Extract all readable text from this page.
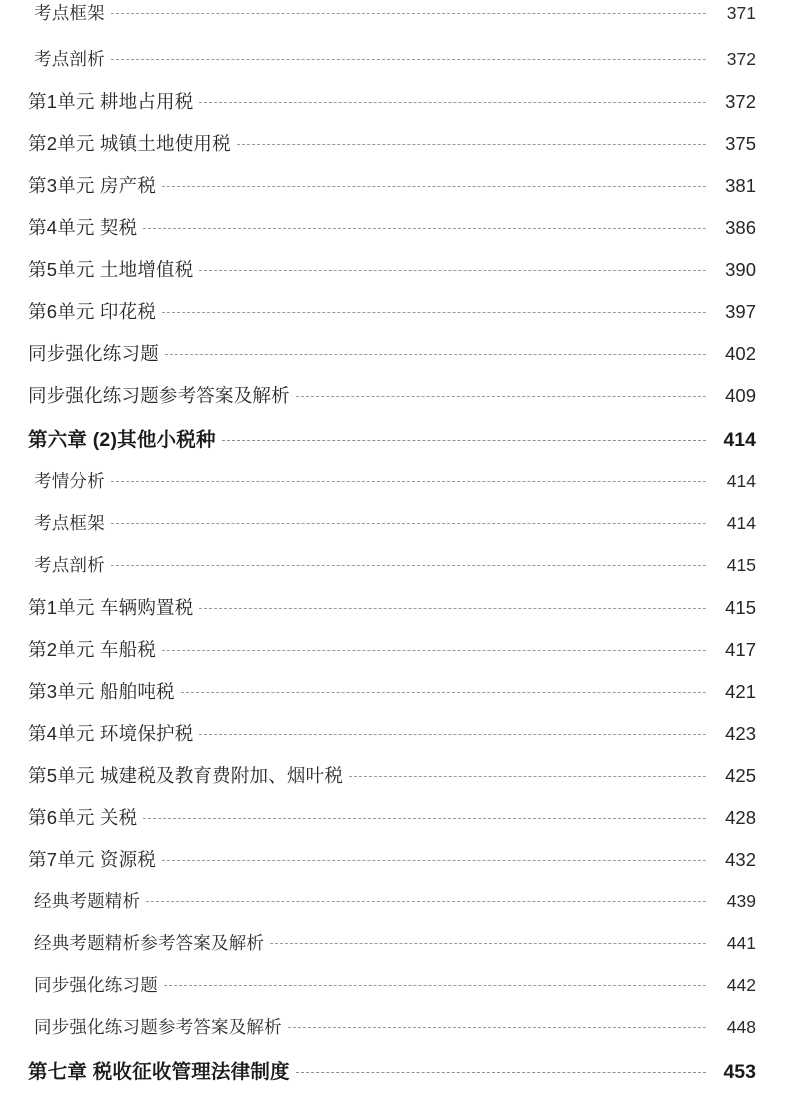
考点框架	371
考点剖析	372
第1单元 耕地占用税	372
第2单元 城镇土地使用税	375
第3单元 房产税	381
第4单元 契税	386
第5单元 土地增值税	390
第6单元 印花税	397
同步强化练习题	402
同步强化练习题参考答案及解析	409
第六章 (2)其他小税种	414
考情分析	414
考点框架	414
考点剖析	415
第1单元 车辆购置税	415
第2单元 车船税	417
第3单元 船舶吨税	421
第4单元 环境保护税	423
第5单元 城建税及教育费附加、烟叶税	425
第6单元 关税	428
第7单元 资源税	432
经典考题精析	439
经典考题精析参考答案及解析	441
同步强化练习题	442
同步强化练习题参考答案及解析	448
第七章 税收征收管理法律制度	453
